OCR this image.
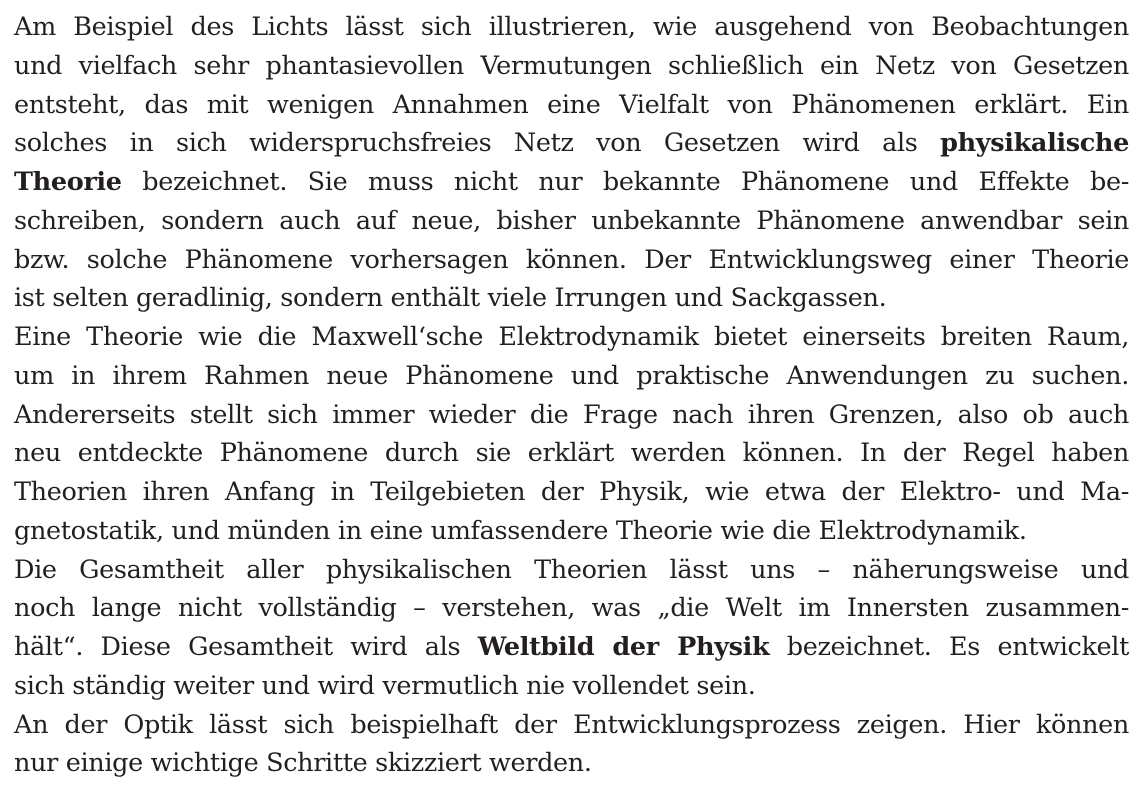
Am Beispiel des Lichts lässt sich illustrieren, wie ausgehend von Beobachtungen
und vielfach sehr phantasievollen Vermutungen schließlich ein Netz von Gesetzen
entsteht, das mit wenigen Annahmen eine Vielfalt von Phänomenen erklärt. Ein
solches in sich widerspruchsfreies Netz von Gesetzen wird als physikalische
Theorie bezeichnet. Sie muss nicht nur bekannte Phänomene und Effekte be-
schreiben, sondern auch auf neue, bisher unbekannte Phänomene anwendbar sein
bzw. solche Phänomene vorhersagen können. Der Entwicklungsweg einer Theorie
ist selten geradlinig, sondern enthält viele Irrungen und Sackgassen.

Eine Theorie wie die Maxwell‘sche Elektrodynamik bietet einerseits breiten Raum,
um in ihrem Rahmen neue Phänomene und praktische Anwendungen zu suchen.
Andererseits stellt sich immer wieder die Frage nach ihren Grenzen, also ob auch
neu entdeckte Phänomene durch sie erklärt werden können. In der Regel haben
Theorien ihren Anfang in Teilgebieten der Physik, wie etwa der Elektro- und Ma-
gnetostatik, und münden in eine umfassendere Theorie wie die Elektrodynamik.

Die Gesamtheit aller physikalischen Theorien lässt uns – näherungsweise und
noch lange nicht vollständig – verstehen, was „die Welt im Innersten zusammen-
hält“. Diese Gesamtheit wird als Weltbild der Physik bezeichnet. Es entwickelt
sich ständig weiter und wird vermutlich nie vollendet sein.

An der Optik lässt sich beispielhaft der Entwicklungsprozess zeigen. Hier können
nur einige wichtige Schritte skizziert werden.
